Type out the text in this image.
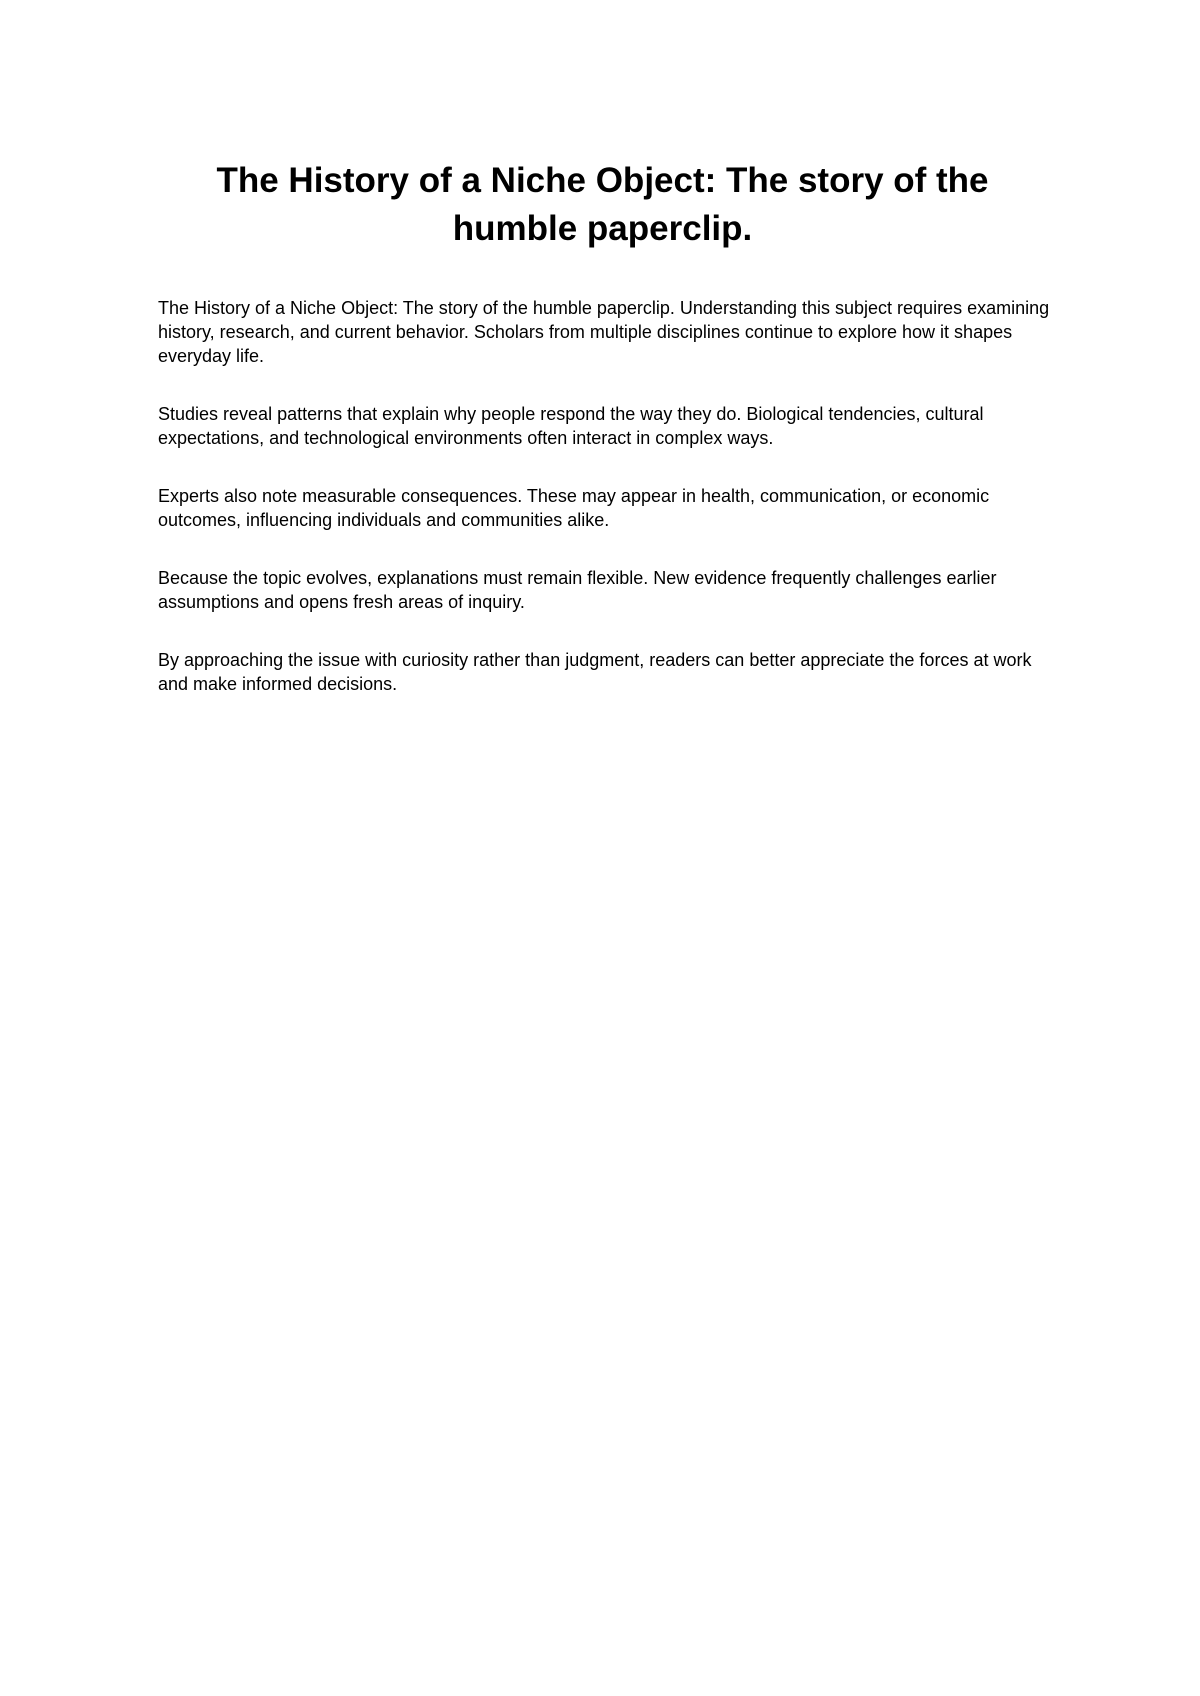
The History of a Niche Object: The story of the humble paperclip.

The History of a Niche Object: The story of the humble paperclip. Understanding this subject requires examining history, research, and current behavior. Scholars from multiple disciplines continue to explore how it shapes everyday life.

Studies reveal patterns that explain why people respond the way they do. Biological tendencies, cultural expectations, and technological environments often interact in complex ways.

Experts also note measurable consequences. These may appear in health, communication, or economic outcomes, influencing individuals and communities alike.

Because the topic evolves, explanations must remain flexible. New evidence frequently challenges earlier assumptions and opens fresh areas of inquiry.

By approaching the issue with curiosity rather than judgment, readers can better appreciate the forces at work and make informed decisions.
